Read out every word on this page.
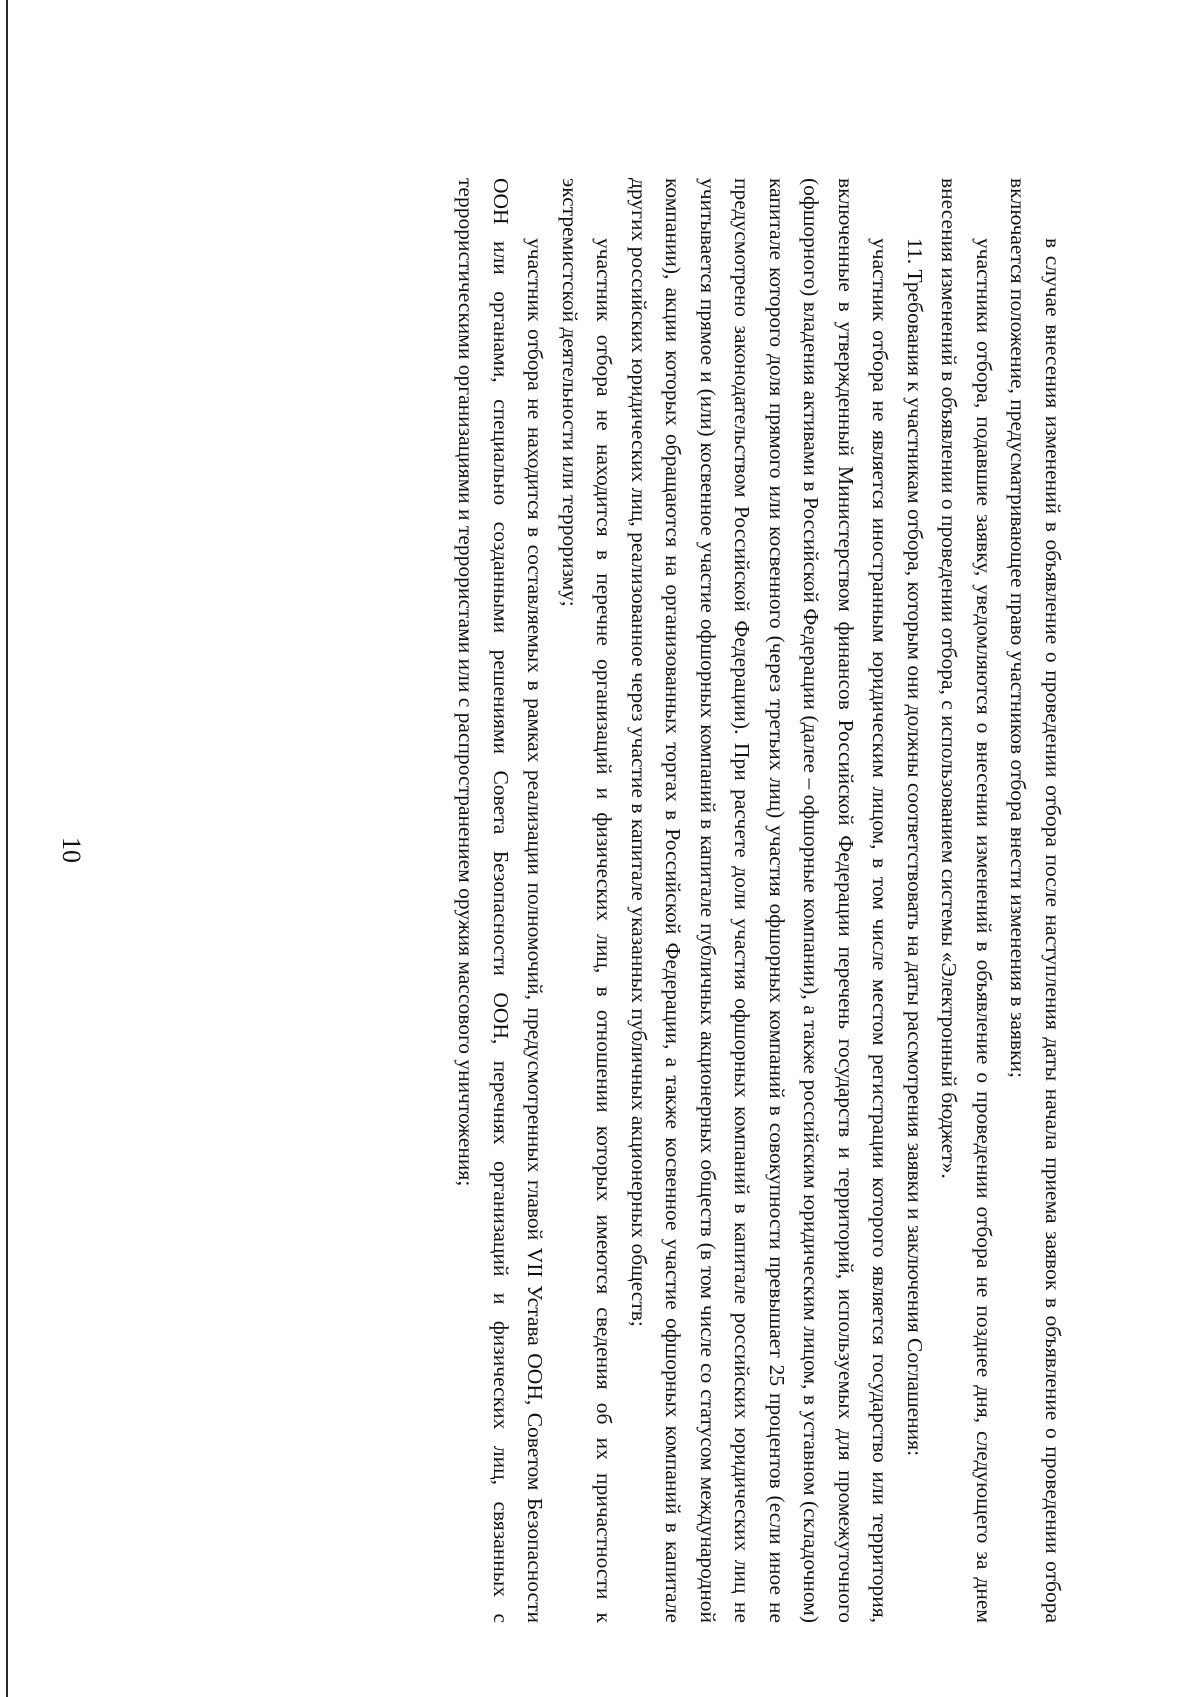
10	в случае внесения изменений в объявление о проведении отбора после наступления даты начала приема заявок в объявление о проведении отбора включается положение, предусматривающее право участников отбора внести изменения в заявки;

участники отбора, подавшие заявку, уведомляются о внесении изменений в объявление о проведении отбора не позднее дня, следующего за днем внесения изменений в объявлении о проведении отбора, с использованием системы «Электронный бюджет».

11. Требования к участникам отбора, которым они должны соответствовать на даты рассмотрения заявки и заключения Соглашения:

участник отбора не является иностранным юридическим лицом, в том числе местом регистрации которого является государство или территория, включенные в утвержденный Министерством финансов Российской Федерации перечень государств и территорий, используемых для промежуточного (офшорного) владения активами в Российской Федерации (далее – офшорные компании), а также российским юридическим лицом, в уставном (складочном) капитале которого доля прямого или косвенного (через третьих лиц) участия офшорных компаний в совокупности превышает 25 процентов (если иное не предусмотрено законодательством Российской Федерации). При расчете доли участия офшорных компаний в капитале российских юридических лиц не учитывается прямое и (или) косвенное участие офшорных компаний в капитале публичных акционерных обществ (в том числе со статусом международной компании), акции которых обращаются на организованных торгах в Российской Федерации, а также косвенное участие офшорных компаний в капитале других российских юридических лиц, реализованное через участие в капитале указанных публичных акционерных обществ;

участник отбора не находится в перечне организаций и физических лиц, в отношении которых имеются сведения об их причастности к экстремистской деятельности или терроризму;

участник отбора не находится в составляемых в рамках реализации полномочий, предусмотренных главой VII Устава ООН, Советом Безопасности ООН или органами, специально созданными решениями Совета Безопасности ООН, перечнях организаций и физических лиц, связанных с террористическими организациями и террористами или с распространением оружия массового уничтожения;
